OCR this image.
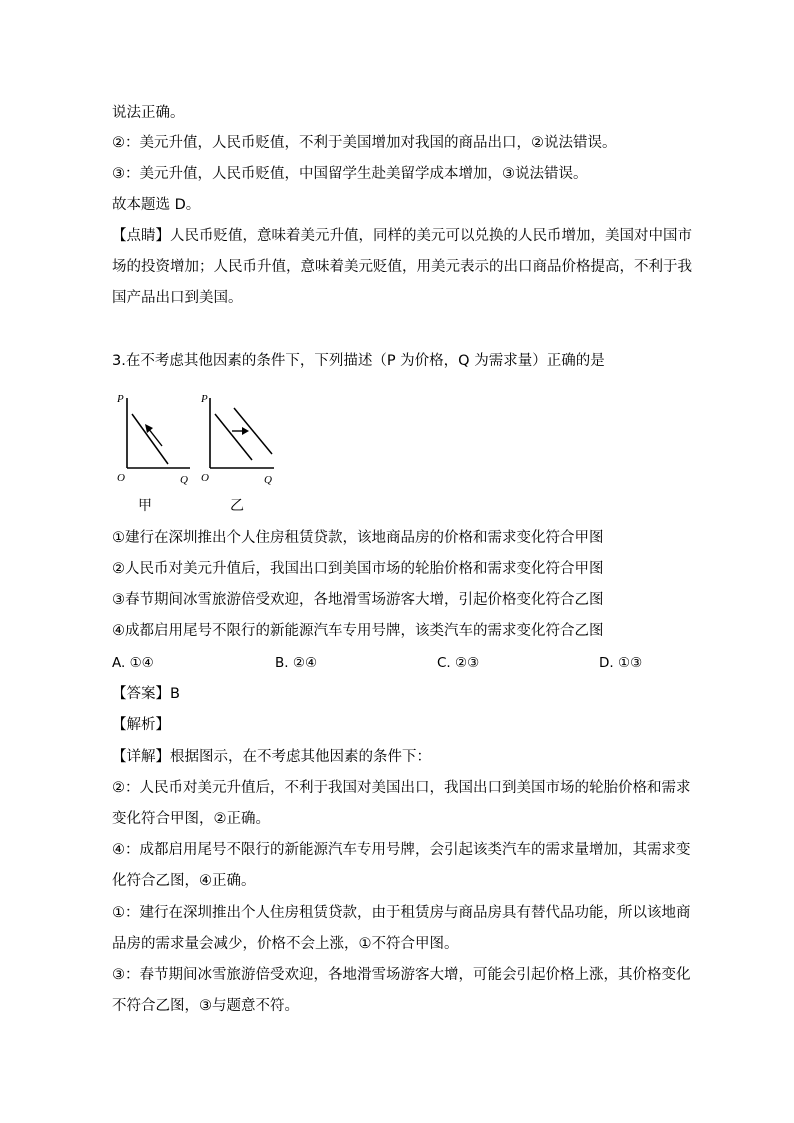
说法正确。
②：美元升值，人民币贬值，不利于美国增加对我国的商品出口，②说法错误。
③：美元升值，人民币贬值，中国留学生赴美留学成本增加，③说法错误。
故本题选 D。
【点睛】人民币贬值，意味着美元升值，同样的美元可以兑换的人民币增加，美国对中国市
场的投资增加；人民币升值，意味着美元贬值，用美元表示的出口商品价格提高，不利于我
国产品出口到美国。
3.在不考虑其他因素的条件下，下列描述（P 为价格，Q 为需求量）正确的是
P
O	Q
P
O	Q
甲	乙
①建行在深圳推出个人住房租赁贷款，该地商品房的价格和需求变化符合甲图
②人民币对美元升值后，我国出口到美国市场的轮胎价格和需求变化符合甲图
③春节期间冰雪旅游倍受欢迎，各地滑雪场游客大增，引起价格变化符合乙图
④成都启用尾号不限行的新能源汽车专用号牌，该类汽车的需求变化符合乙图
A. ①④	B. ②④	C. ②③	D. ①③
【答案】B
【解析】
【详解】根据图示，在不考虑其他因素的条件下：
②：人民币对美元升值后，不利于我国对美国出口，我国出口到美国市场的轮胎价格和需求
变化符合甲图，②正确。
④：成都启用尾号不限行的新能源汽车专用号牌，会引起该类汽车的需求量增加，其需求变
化符合乙图，④正确。
①：建行在深圳推出个人住房租赁贷款，由于租赁房与商品房具有替代品功能，所以该地商
品房的需求量会减少，价格不会上涨，①不符合甲图。
③：春节期间冰雪旅游倍受欢迎，各地滑雪场游客大增，可能会引起价格上涨，其价格变化
不符合乙图，③与题意不符。
